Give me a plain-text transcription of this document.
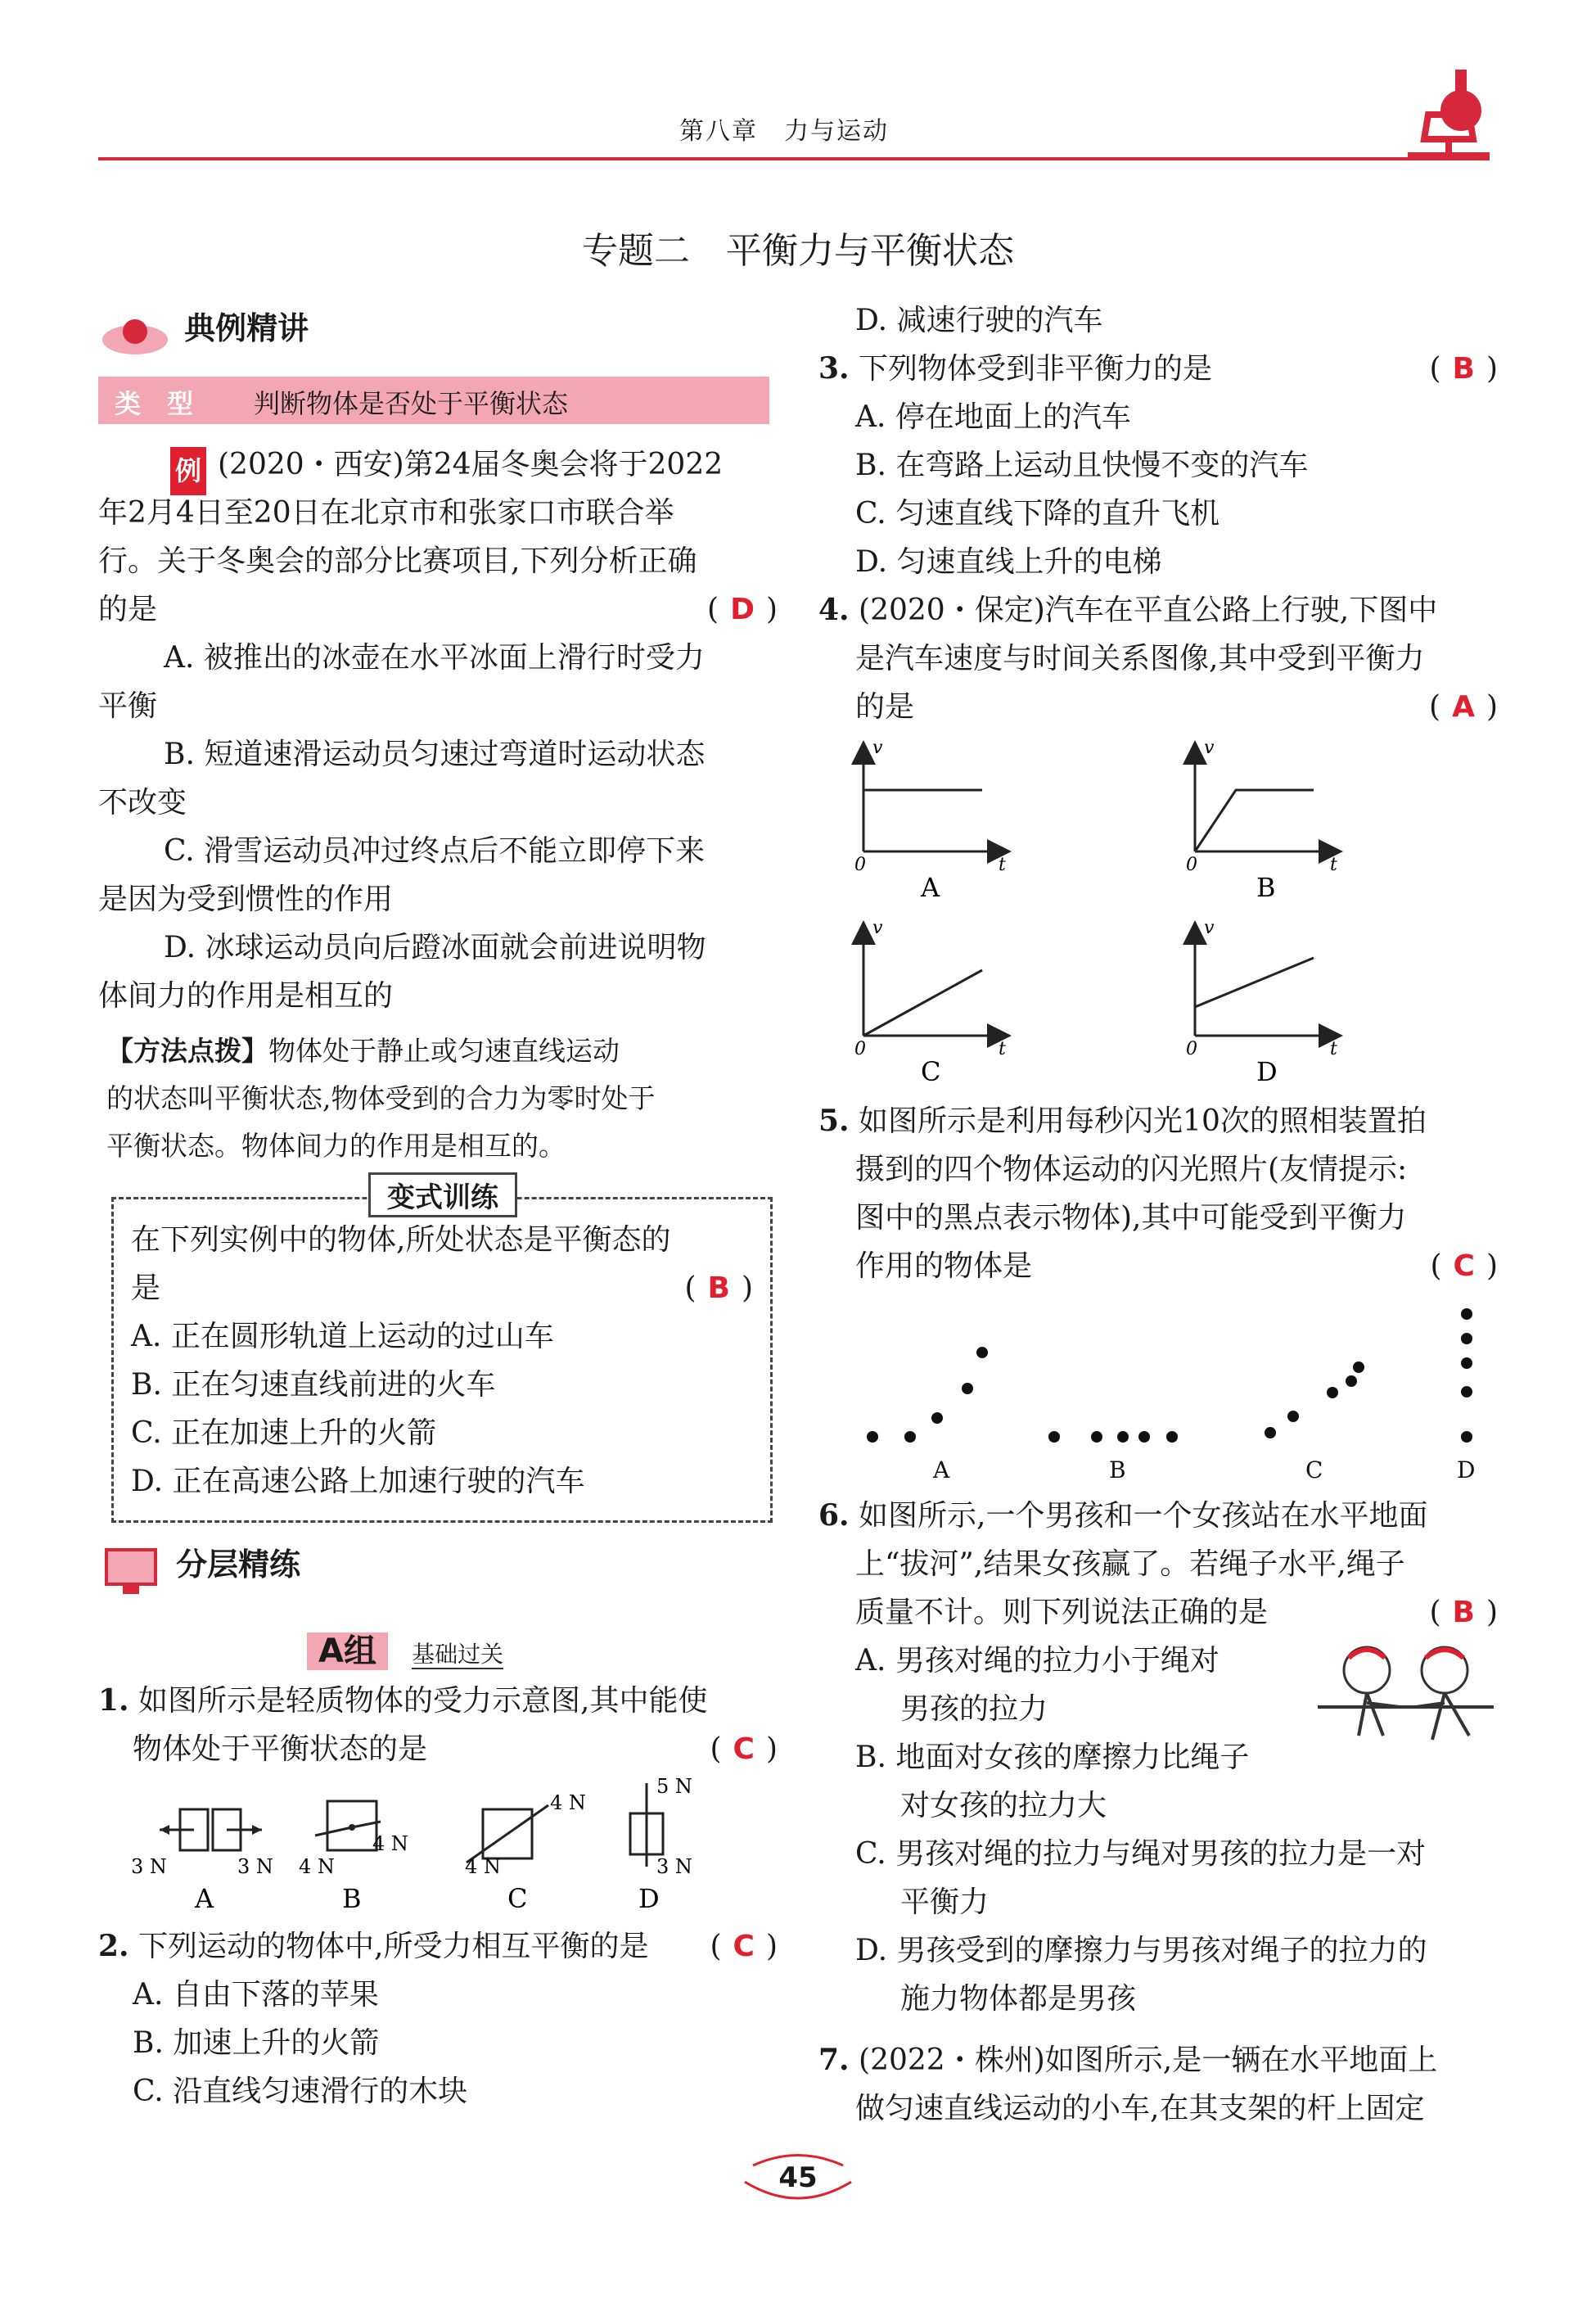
第八章　力与运动
专题二　平衡力与平衡状态
典例精讲
类　型 判断物体是否处于平衡状态
例 (2020・西安)第24届冬奥会将于2022
年2月4日至20日在北京市和张家口市联合举
行。关于冬奥会的部分比赛项目,下列分析正确
的是	( D )
A. 被推出的冰壶在水平冰面上滑行时受力
平衡
B. 短道速滑运动员匀速过弯道时运动状态
不改变
C. 滑雪运动员冲过终点后不能立即停下来
是因为受到惯性的作用
D. 冰球运动员向后蹬冰面就会前进说明物
体间力的作用是相互的
【方法点拨】物体处于静止或匀速直线运动
的状态叫平衡状态,物体受到的合力为零时处于
平衡状态。物体间力的作用是相互的。
变式训练
在下列实例中的物体,所处状态是平衡态的
是	( B )
A. 正在圆形轨道上运动的过山车
B. 正在匀速直线前进的火车
C. 正在加速上升的火箭
D. 正在高速公路上加速行驶的汽车
分层精练
A组 基础过关
1. 如图所示是轻质物体的受力示意图,其中能使
物体处于平衡状态的是	( C )
3 N	3 N
A
4 N
4 N
B
4 N
4 N
C
5 N
3 N
D
2. 下列运动的物体中,所受力相互平衡的是 ( C )
A. 自由下落的苹果
B. 加速上升的火箭
C. 沿直线匀速滑行的木块
D. 减速行驶的汽车
3. 下列物体受到非平衡力的是	( B )
A. 停在地面上的汽车
B. 在弯路上运动且快慢不变的汽车
C. 匀速直线下降的直升飞机
D. 匀速直线上升的电梯
4. (2020・保定)汽车在平直公路上行驶,下图中
是汽车速度与时间关系图像,其中受到平衡力
的是	( A )
v
t
0
A
v
t
0
B
v
t
0
C
v
t
0
D
5. 如图所示是利用每秒闪光10次的照相装置拍
摄到的四个物体运动的闪光照片(友情提示:
图中的黑点表示物体),其中可能受到平衡力
作用的物体是	( C )
A	B	C	D
6. 如图所示,一个男孩和一个女孩站在水平地面
上“拔河”,结果女孩赢了。若绳子水平,绳子
质量不计。则下列说法正确的是	( B )
A. 男孩对绳的拉力小于绳对
男孩的拉力
B. 地面对女孩的摩擦力比绳子
对女孩的拉力大
C. 男孩对绳的拉力与绳对男孩的拉力是一对
平衡力
D. 男孩受到的摩擦力与男孩对绳子的拉力的
施力物体都是男孩
7. (2022・株州)如图所示,是一辆在水平地面上
做匀速直线运动的小车,在其支架的杆上固定
45
